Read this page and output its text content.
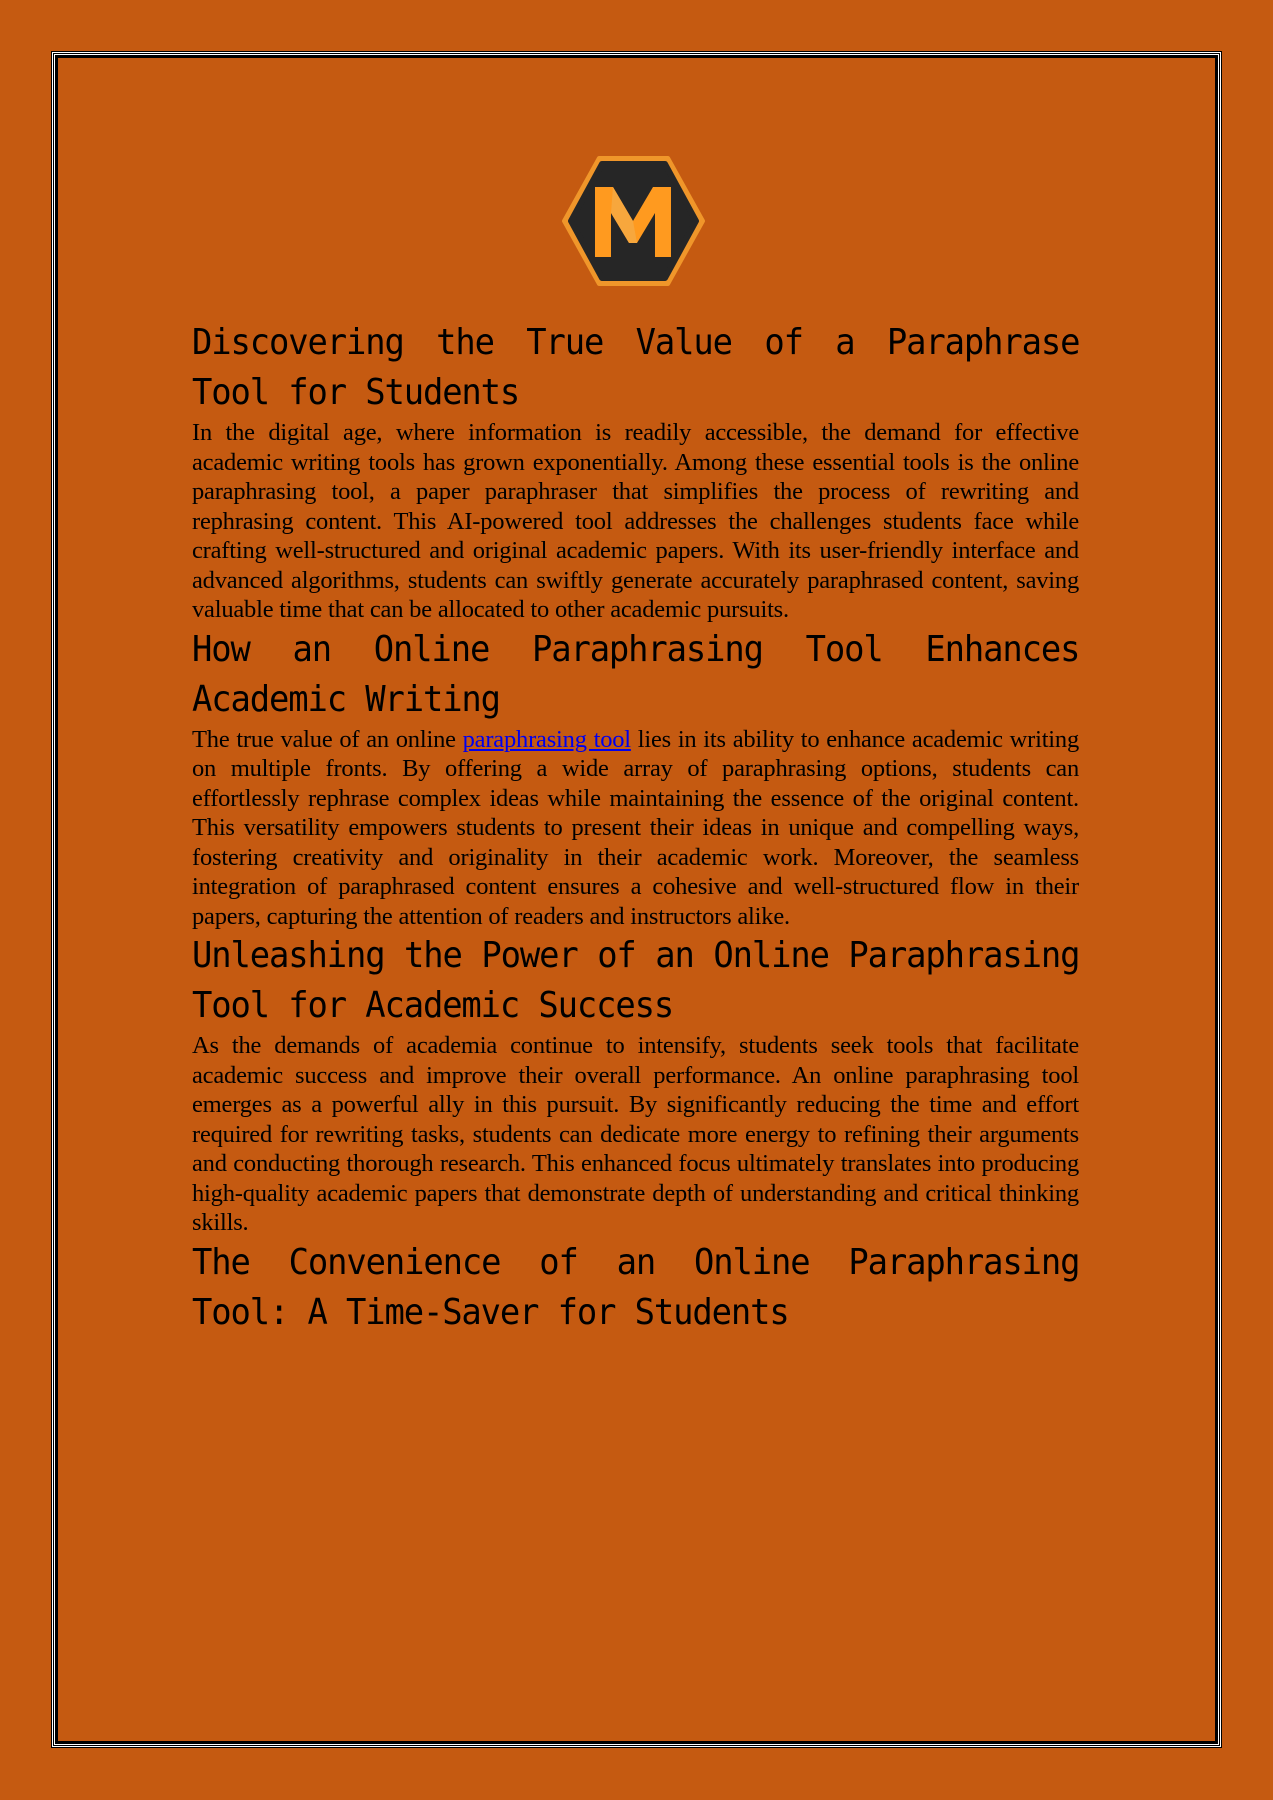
Discovering the True Value of a Paraphrase Tool for Students

In the digital age, where information is readily accessible, the demand for effective academic writing tools has grown exponentially. Among these essential tools is the online paraphrasing tool, a paper paraphraser that simplifies the process of rewriting and rephrasing content. This AI-powered tool addresses the challenges students face while crafting well-structured and original academic papers. With its user-friendly interface and advanced algorithms, students can swiftly generate accurately paraphrased content, saving valuable time that can be allocated to other academic pursuits.

How an Online Paraphrasing Tool Enhances Academic Writing

The true value of an online paraphrasing tool lies in its ability to enhance academic writing on multiple fronts. By offering a wide array of paraphrasing options, students can effortlessly rephrase complex ideas while maintaining the essence of the original content. This versatility empowers students to present their ideas in unique and compelling ways, fostering creativity and originality in their academic work. Moreover, the seamless integration of paraphrased content ensures a cohesive and well-structured flow in their papers, capturing the attention of readers and instructors alike.

Unleashing the Power of an Online Paraphrasing Tool for Academic Success

As the demands of academia continue to intensify, students seek tools that facilitate academic success and improve their overall performance. An online paraphrasing tool emerges as a powerful ally in this pursuit. By significantly reducing the time and effort required for rewriting tasks, students can dedicate more energy to refining their arguments and conducting thorough research. This enhanced focus ultimately translates into producing high-quality academic papers that demonstrate depth of understanding and critical thinking skills.

The Convenience of an Online Paraphrasing Tool: A Time-Saver for Students
